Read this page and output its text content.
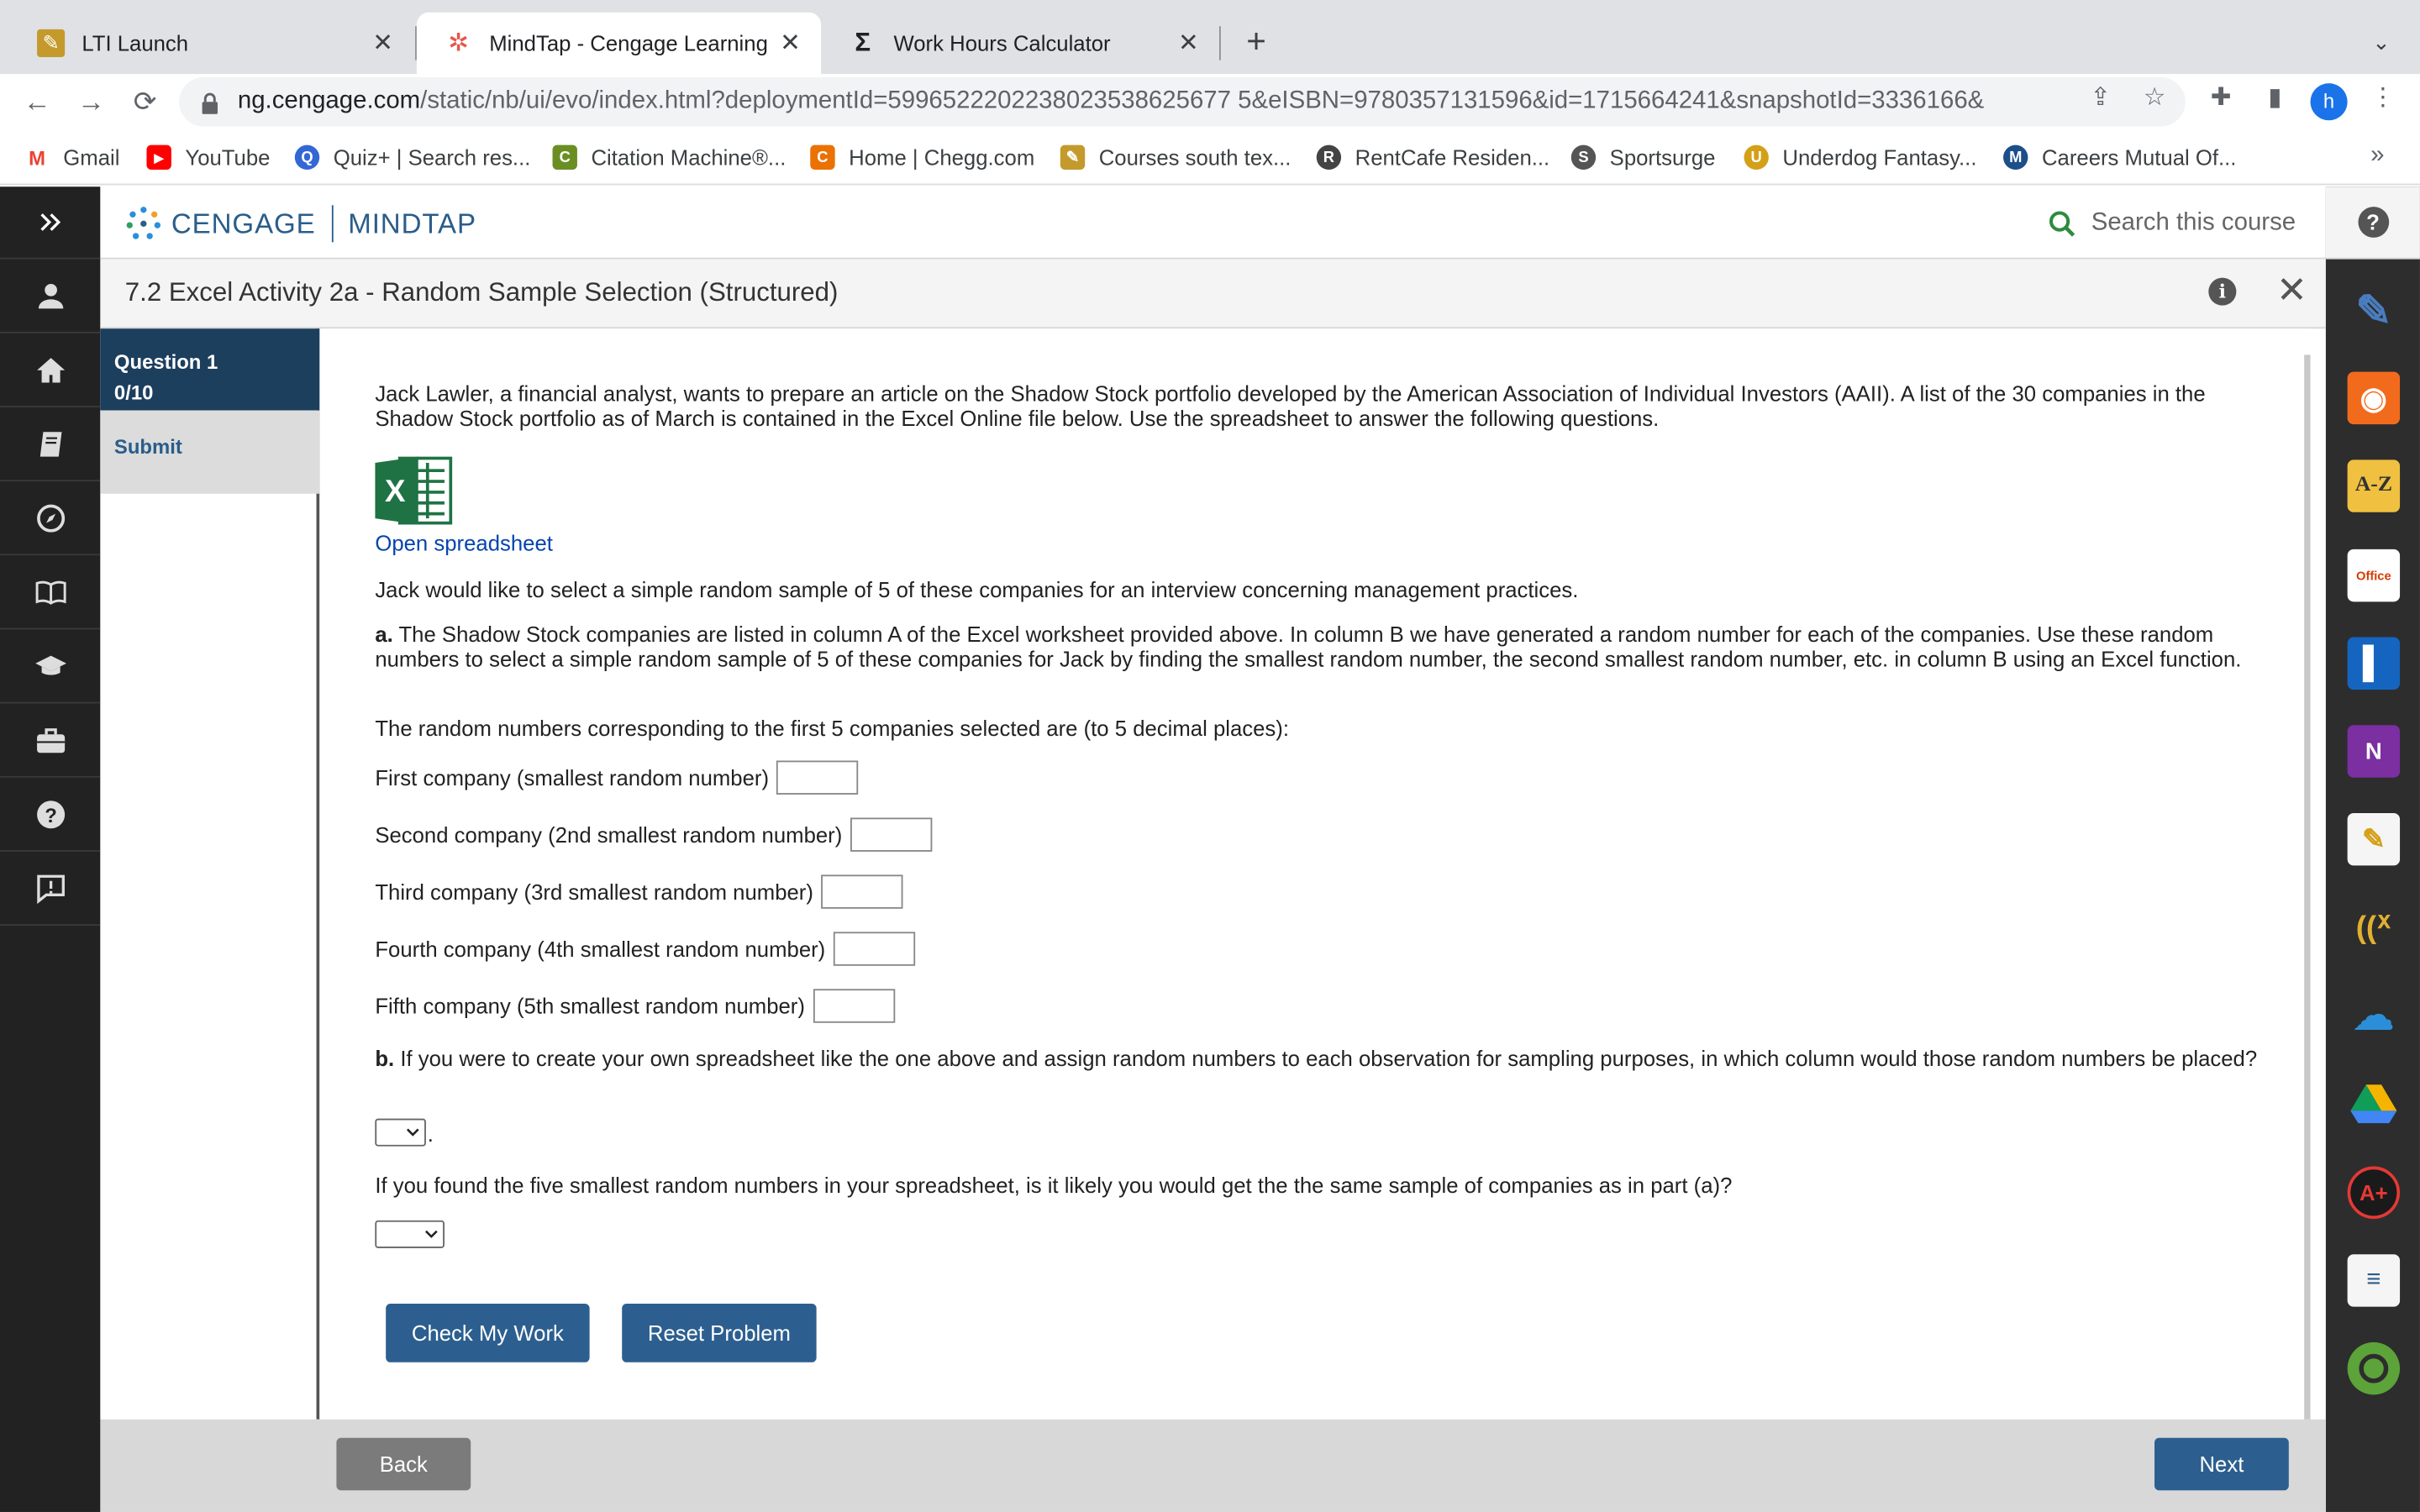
✎	LTI Launch	✕	✲	MindTap - Cengage Learning ✕	Σ	Work Hours Calculator	✕	+	⌄
←	→	⟳	ng.cengage.com/static/nb/ui/evo/index.html?deploymentId=5996522202238023538625677 5&eISBN=9780357131596&id=1715664241&snapshotId=3336166&	⇪	☆	✚	▮	h	⋮
M	Gmail	▶	YouTube	Q	Quiz+ | Search res...	C	Citation Machine®...	C	Home | Chegg.com	✎	Courses south tex...	R	RentCafe Residen...	S	Sportsurge	U	Underdog Fantasy...	M	Careers Mutual Of...	»
?
CENGAGE MINDTAP	Search this course
7.2 Excel Activity 2a - Random Sample Selection (Structured)	i	✕
?
✎
◉
A-Z
Office
▌
N
✎
((ᕽ
☁
A+
≡
Question 1
0/10
Submit
Jack Lawler, a financial analyst, wants to prepare an article on the Shadow Stock portfolio developed by the American Association of Individual Investors (AAII). A list of the 30 companies in the Shadow Stock portfolio as of March is contained in the Excel Online file below. Use the spreadsheet to answer the following questions.
X
Open spreadsheet
Jack would like to select a simple random sample of 5 of these companies for an interview concerning management practices.
a. The Shadow Stock companies are listed in column A of the Excel worksheet provided above. In column B we have generated a random number for each of the companies. Use these random numbers to select a simple random sample of 5 of these companies for Jack by finding the smallest random number, the second smallest random number, etc. in column B using an Excel function.
The random numbers corresponding to the first 5 companies selected are (to 5 decimal places):
First company (smallest random number)
Second company (2nd smallest random number)
Third company (3rd smallest random number)
Fourth company (4th smallest random number)
Fifth company (5th smallest random number)
b. If you were to create your own spreadsheet like the one above and assign random numbers to each observation for sampling purposes, in which column would those random numbers be placed?
.
If you found the five smallest random numbers in your spreadsheet, is it likely you would get the the same sample of companies as in part (a)?
Check My Work	Reset Problem
Back	Next
